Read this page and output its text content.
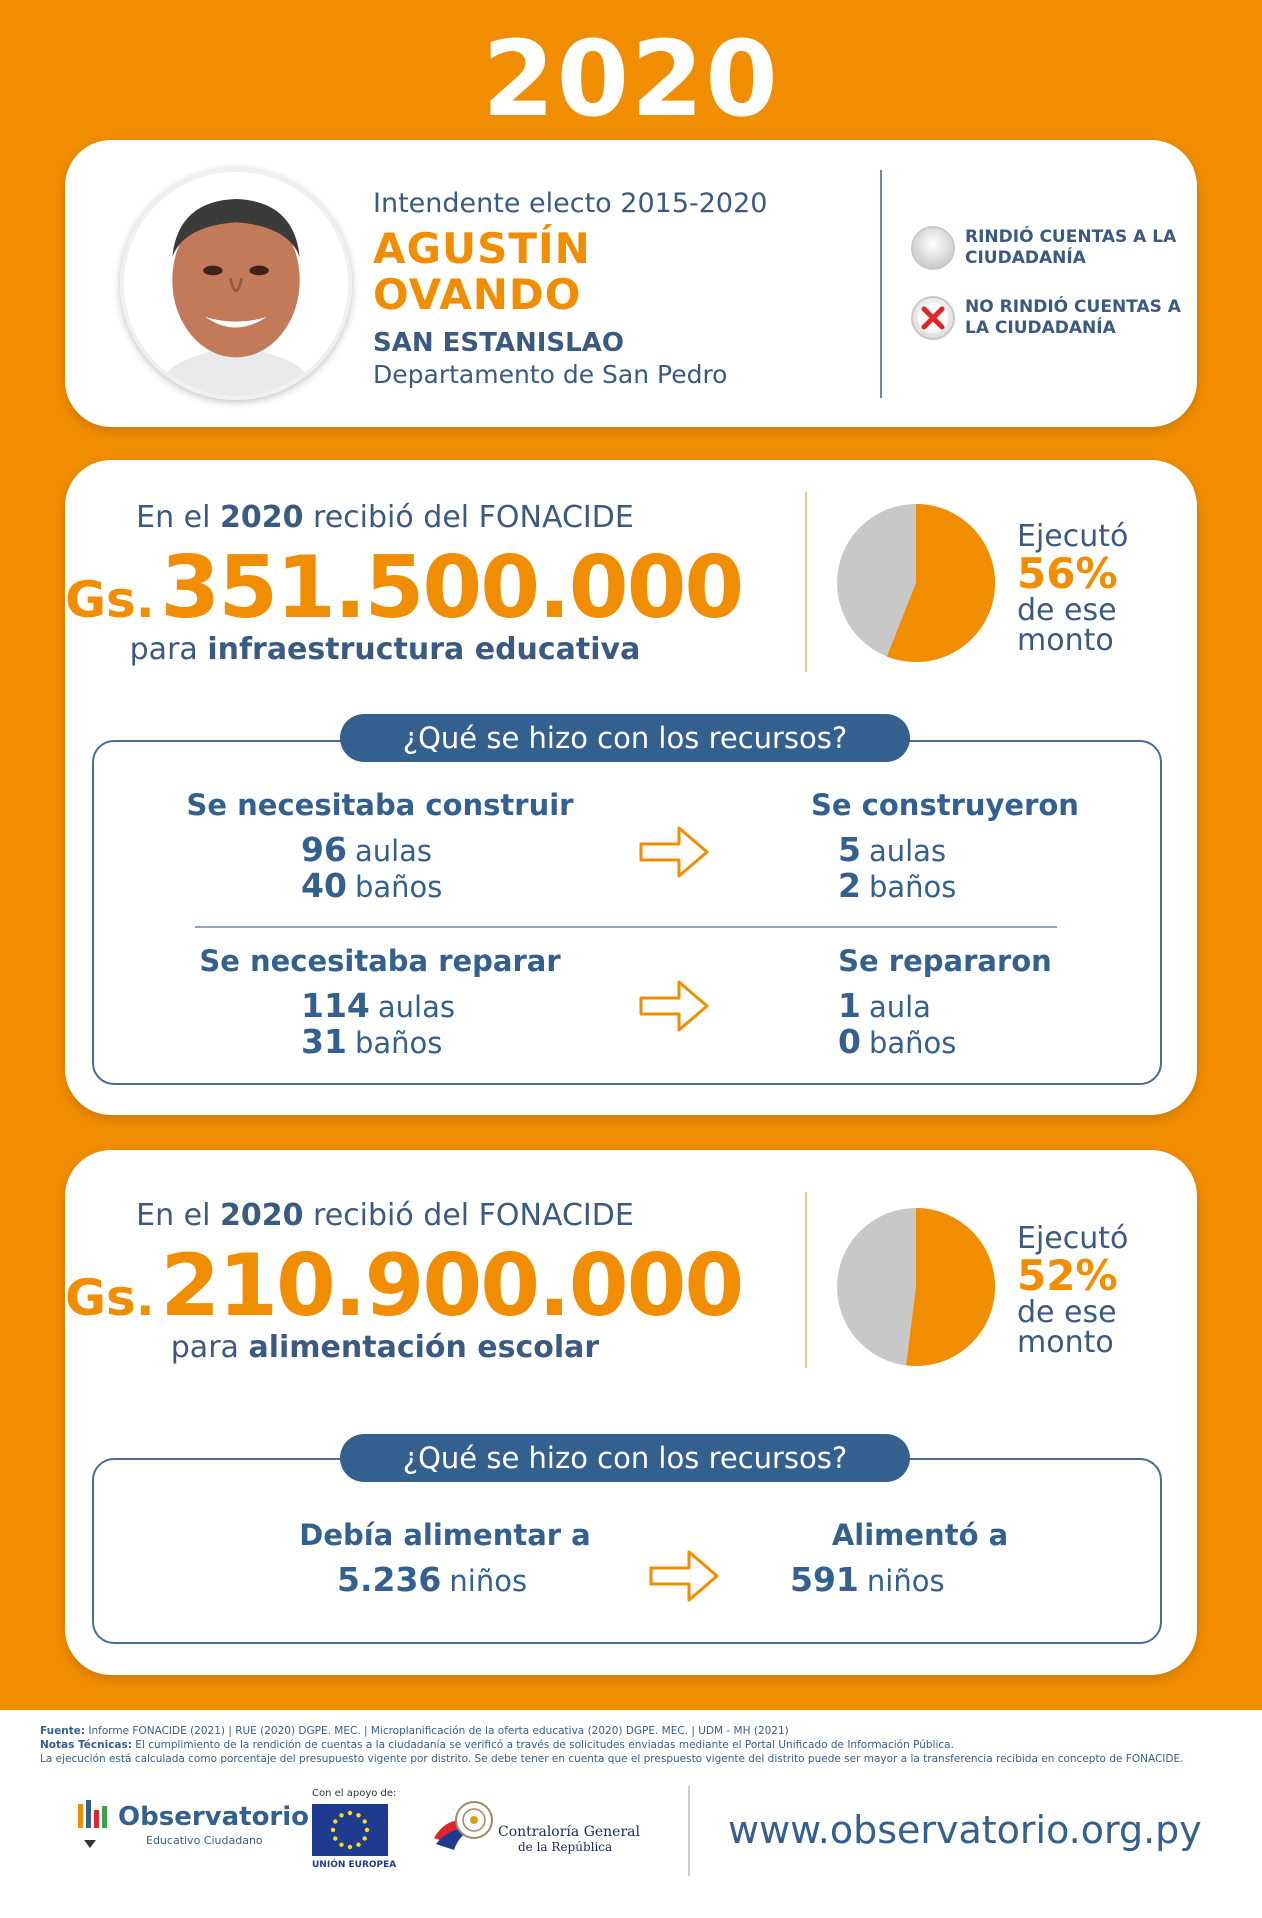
2020
Intendente electo 2015-2020
AGUSTÍN
OVANDO
SAN ESTANISLAO
Departamento de San Pedro
RINDIÓ CUENTAS A LA CIUDADANÍA
NO RINDIÓ CUENTAS A LA CIUDADANÍA
En el 2020 recibió del FONACIDE
Gs. 351.500.000
para infraestructura educativa
Ejecutó
56%
de ese monto
¿Qué se hizo con los recursos?
Se necesitaba construir
96 aulas
40 baños
Se construyeron
5 aulas
2 baños
Se necesitaba reparar
114 aulas
31 baños
Se repararon
1 aula
0 baños
En el 2020 recibió del FONACIDE
Gs. 210.900.000
para alimentación escolar
Ejecutó
52%
de ese monto
¿Qué se hizo con los recursos?
Debía alimentar a
5.236 niños
Alimentó a
591 niños
Fuente: Informe FONACIDE (2021) | RUE (2020) DGPE. MEC. | Microplanificación de la oferta educativa (2020) DGPE. MEC. | UDM - MH (2021)
Notas Técnicas: El cumplimiento de la rendición de cuentas a la ciudadanía se verificó a través de solicitudes enviadas mediante el Portal Unificado de Información Pública.
La ejecución está calculada como porcentaje del presupuesto vigente por distrito. Se debe tener en cuenta que el prespuesto vigente del distrito puede ser mayor a la transferencia recibida en concepto de FONACIDE.
Observatorio
Educativo Ciudadano
Con el apoyo de:
UNIÓN EUROPEA
Contraloría General
de la República	www.observatorio.org.py
